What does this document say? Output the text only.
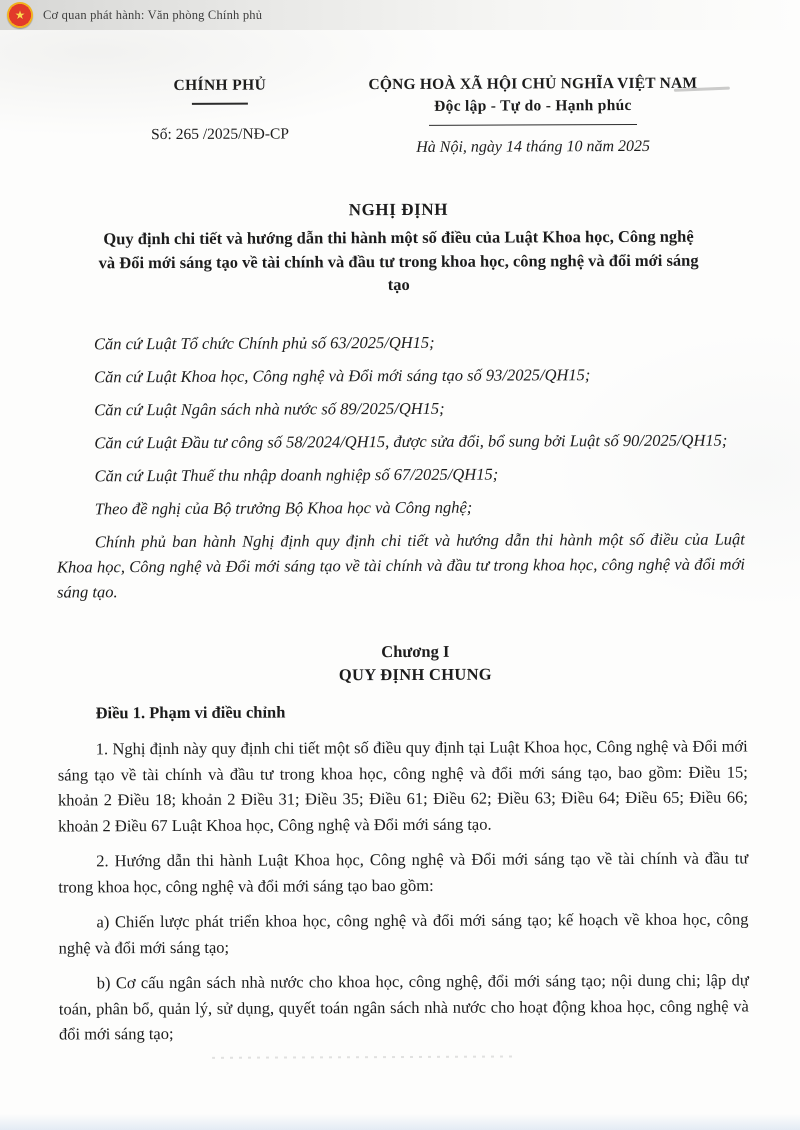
★ Cơ quan phát hành: Văn phòng Chính phủ
CHÍNH PHỦ
Số: 265 /2025/NĐ-CP
CỘNG HOÀ XÃ HỘI CHỦ NGHĨA VIỆT NAM
Độc lập - Tự do - Hạnh phúc
Hà Nội, ngày 14 tháng 10 năm 2025
NGHỊ ĐỊNH
Quy định chi tiết và hướng dẫn thi hành một số điều của Luật Khoa học, Công nghệ và Đổi mới sáng tạo về tài chính và đầu tư trong khoa học, công nghệ và đổi mới sáng tạo

Căn cứ Luật Tổ chức Chính phủ số 63/2025/QH15;

Căn cứ Luật Khoa học, Công nghệ và Đổi mới sáng tạo số 93/2025/QH15;

Căn cứ Luật Ngân sách nhà nước số 89/2025/QH15;

Căn cứ Luật Đầu tư công số 58/2024/QH15, được sửa đổi, bổ sung bởi Luật số 90/2025/QH15;

Căn cứ Luật Thuế thu nhập doanh nghiệp số 67/2025/QH15;

Theo đề nghị của Bộ trưởng Bộ Khoa học và Công nghệ;

Chính phủ ban hành Nghị định quy định chi tiết và hướng dẫn thi hành một số điều của Luật Khoa học, Công nghệ và Đổi mới sáng tạo về tài chính và đầu tư trong khoa học, công nghệ và đổi mới sáng tạo.

Chương I
QUY ĐỊNH CHUNG
Điều 1. Phạm vi điều chỉnh

1. Nghị định này quy định chi tiết một số điều quy định tại Luật Khoa học, Công nghệ và Đổi mới sáng tạo về tài chính và đầu tư trong khoa học, công nghệ và đổi mới sáng tạo, bao gồm: Điều 15; khoản 2 Điều 18; khoản 2 Điều 31; Điều 35; Điều 61; Điều 62; Điều 63; Điều 64; Điều 65; Điều 66; khoản 2 Điều 67 Luật Khoa học, Công nghệ và Đổi mới sáng tạo.

2. Hướng dẫn thi hành Luật Khoa học, Công nghệ và Đổi mới sáng tạo về tài chính và đầu tư trong khoa học, công nghệ và đổi mới sáng tạo bao gồm:

a) Chiến lược phát triển khoa học, công nghệ và đổi mới sáng tạo; kế hoạch về khoa học, công nghệ và đổi mới sáng tạo;

b) Cơ cấu ngân sách nhà nước cho khoa học, công nghệ, đổi mới sáng tạo; nội dung chi; lập dự toán, phân bổ, quản lý, sử dụng, quyết toán ngân sách nhà nước cho hoạt động khoa học, công nghệ và đổi mới sáng tạo;
